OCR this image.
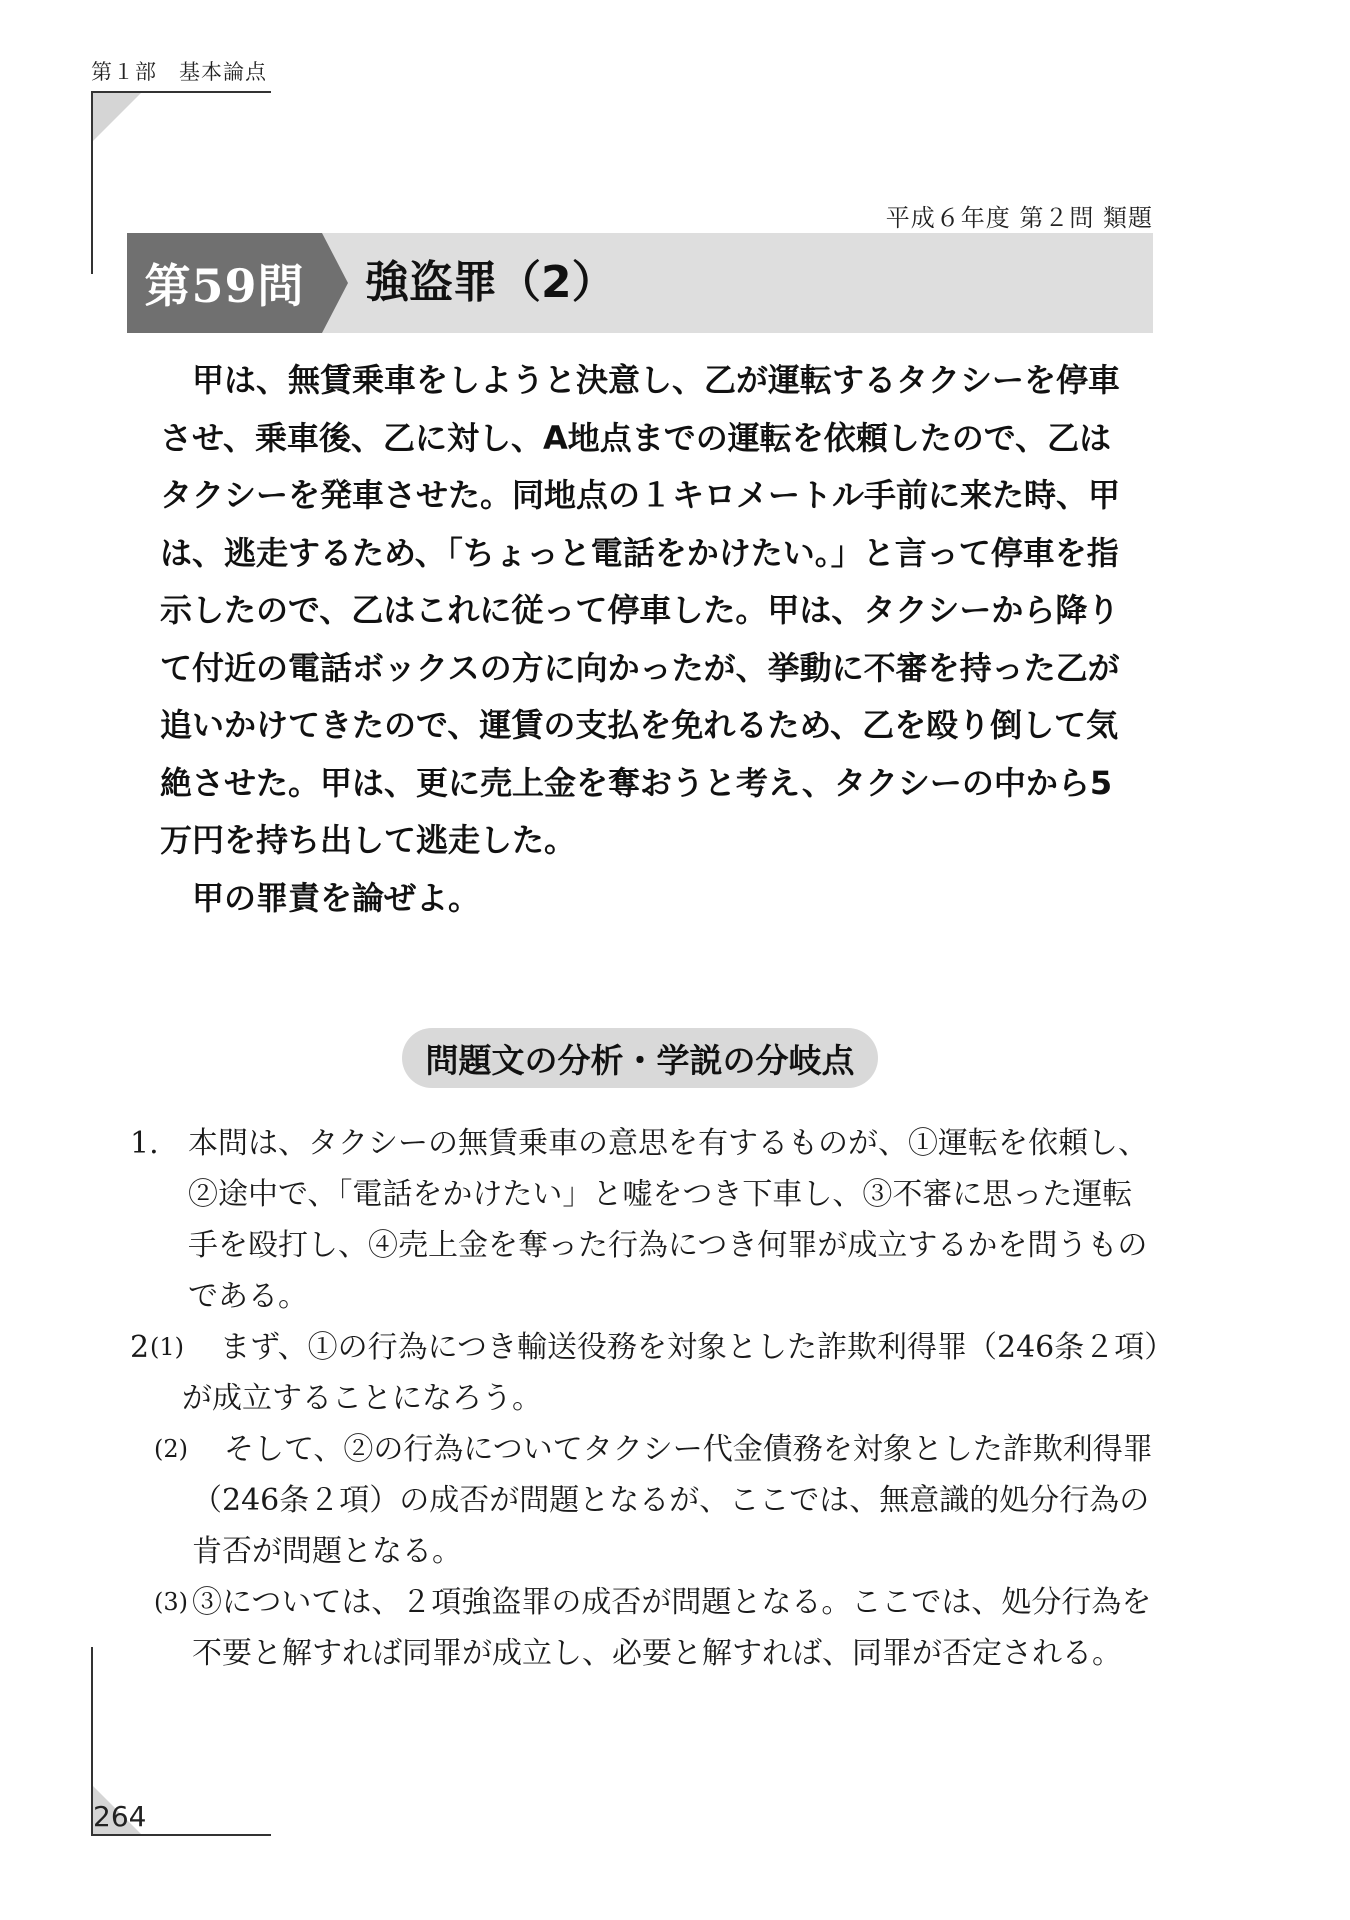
第１部　基本論点
平成６年度 第２問 類題
第59問 強盗罪（2）

甲は、無賃乗車をしようと決意し、乙が運転するタクシーを停車させ、乗車後、乙に対し、A地点までの運転を依頼したので、乙はタクシーを発車させた。同地点の１キロメートル手前に来た時、甲は、逃走するため、「ちょっと電話をかけたい。」と言って停車を指示したので、乙はこれに従って停車した。甲は、タクシーから降りて付近の電話ボックスの方に向かったが、挙動に不審を持った乙が追いかけてきたので、運賃の支払を免れるため、乙を殴り倒して気絶させた。甲は、更に売上金を奪おうと考え、タクシーの中から5万円を持ち出して逃走した。

甲の罪責を論ぜよ。

問題文の分析・学説の分岐点
1. 本問は、タクシーの無賃乗車の意思を有するものが、①運転を依頼し、②途中で、「電話をかけたい」と嘘をつき下車し、③不審に思った運転手を殴打し、④売上金を奪った行為につき何罪が成立するかを問うものである。
2 (1)	まず、①の行為につき輸送役務を対象とした詐欺利得罪（246条２項）が成立することになろう。
(2)	そして、②の行為についてタクシー代金債務を対象とした詐欺利得罪（246条２項）の成否が問題となるが、ここでは、無意識的処分行為の肯否が問題となる。
(3) ③については、２項強盗罪の成否が問題となる。ここでは、処分行為を不要と解すれば同罪が成立し、必要と解すれば、同罪が否定される。
264
